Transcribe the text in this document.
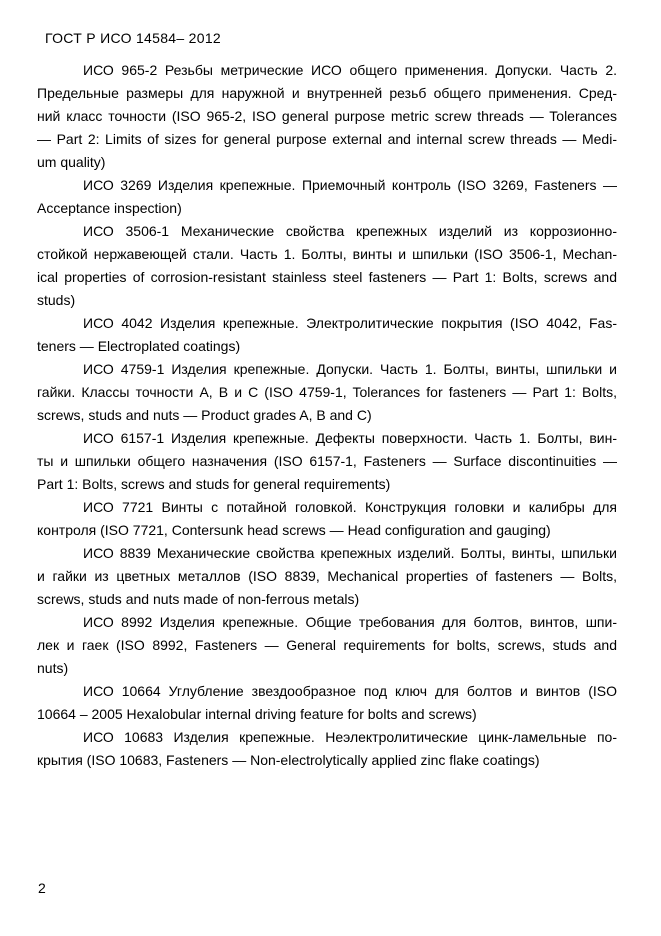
ГОСТ Р ИСО 14584– 2012
ИСО 965-2 Резьбы метрические ИСО общего применения. Допуски. Часть 2.
Предельные размеры для наружной и внутренней резьб общего применения. Сред-
ний класс точности (ISO 965-2, ISO general purpose metric screw threads — Tolerances
— Part 2: Limits of sizes for general purpose external and internal screw threads — Medi-
um quality)
ИСО 3269 Изделия крепежные. Приемочный контроль (ISO 3269, Fasteners —
Acceptance inspection)
ИСО 3506-1 Механические свойства крепежных изделий из коррозионно-
стойкой нержавеющей стали. Часть 1. Болты, винты и шпильки (ISO 3506-1, Mechan-
ical properties of corrosion-resistant stainless steel fasteners — Part 1: Bolts, screws and
studs)
ИСО 4042 Изделия крепежные. Электролитические покрытия (ISO 4042, Fas-
teners — Electroplated coatings)
ИСО 4759-1 Изделия крепежные. Допуски. Часть 1. Болты, винты, шпильки и
гайки. Классы точности А, В и С (ISO 4759-1, Tolerances for fasteners — Part 1: Bolts,
screws, studs and nuts — Product grades A, B and C)
ИСО 6157-1 Изделия крепежные. Дефекты поверхности. Часть 1. Болты, вин-
ты и шпильки общего назначения (ISO 6157-1, Fasteners — Surface discontinuities —
Part 1: Bolts, screws and studs for general requirements)
ИСО 7721 Винты с потайной головкой. Конструкция головки и калибры для
контроля (ISO 7721, Contersunk head screws — Head configuration and gauging)
ИСО 8839 Механические свойства крепежных изделий. Болты, винты, шпильки
и гайки из цветных металлов (ISO 8839, Mechanical properties of fasteners — Bolts,
screws, studs and nuts made of non-ferrous metals)
ИСО 8992 Изделия крепежные. Общие требования для болтов, винтов, шпи-
лек и гаек (ISO 8992, Fasteners — General requirements for bolts, screws, studs and
nuts)
ИСО 10664 Углубление звездообразное под ключ для болтов и винтов (ISO
10664 – 2005 Hexalobular internal driving feature for bolts and screws)
ИСО 10683 Изделия крепежные. Неэлектролитические цинк-ламельные по-
крытия (ISO 10683, Fasteners — Non-electrolytically applied zinc flake coatings)
2
